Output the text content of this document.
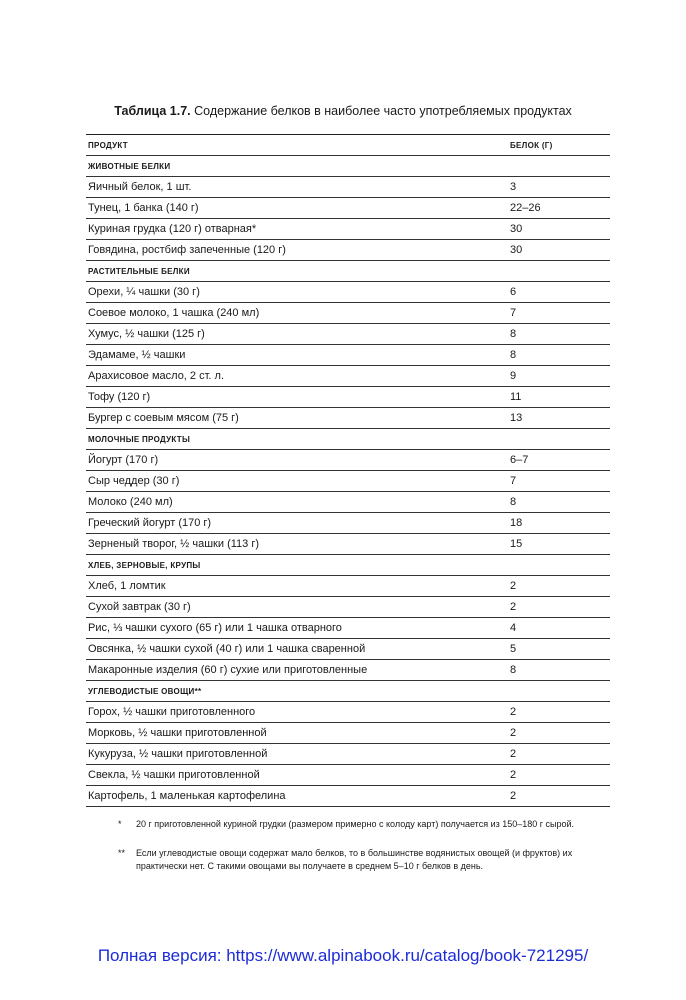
Таблица 1.7. Содержание белков в наиболее часто употребляемых продуктах
ПРОДУКТ	БЕЛОК (Г)
ЖИВОТНЫЕ БЕЛКИ
Яичный белок, 1 шт.	3
Тунец, 1 банка (140 г)	22–26
Куриная грудка (120 г) отварная*	30
Говядина, ростбиф запеченные (120 г)	30
РАСТИТЕЛЬНЫЕ БЕЛКИ
Орехи, ¼ чашки (30 г)	6
Соевое молоко, 1 чашка (240 мл)	7
Хумус, ½ чашки (125 г)	8
Эдамаме, ½ чашки	8
Арахисовое масло, 2 ст. л.	9
Тофу (120 г)	11
Бургер с соевым мясом (75 г)	13
МОЛОЧНЫЕ ПРОДУКТЫ
Йогурт (170 г)	6–7
Сыр чеддер (30 г)	7
Молоко (240 мл)	8
Греческий йогурт (170 г)	18
Зерненый творог, ½ чашки (113 г)	15
ХЛЕБ, ЗЕРНОВЫЕ, КРУПЫ
Хлеб, 1 ломтик	2
Сухой завтрак (30 г)	2
Рис, ⅓ чашки сухого (65 г) или 1 чашка отварного	4
Овсянка, ½ чашки сухой (40 г) или 1 чашка сваренной	5
Макаронные изделия (60 г) сухие или приготовленные	8
УГЛЕВОДИСТЫЕ ОВОЩИ**
Горох, ½ чашки приготовленного	2
Морковь, ½ чашки приготовленной	2
Кукуруза, ½ чашки приготовленной	2
Свекла, ½ чашки приготовленной	2
Картофель, 1 маленькая картофелина	2
* 20 г приготовленной куриной грудки (размером примерно с колоду карт) получается из 150–180 г сырой.
** Если углеводистые овощи содержат мало белков, то в большинстве водянистых овощей (и фруктов) их практически нет. С такими овощами вы получаете в среднем 5–10 г белков в день.
Полная версия: https://www.alpinabook.ru/catalog/book-721295/
